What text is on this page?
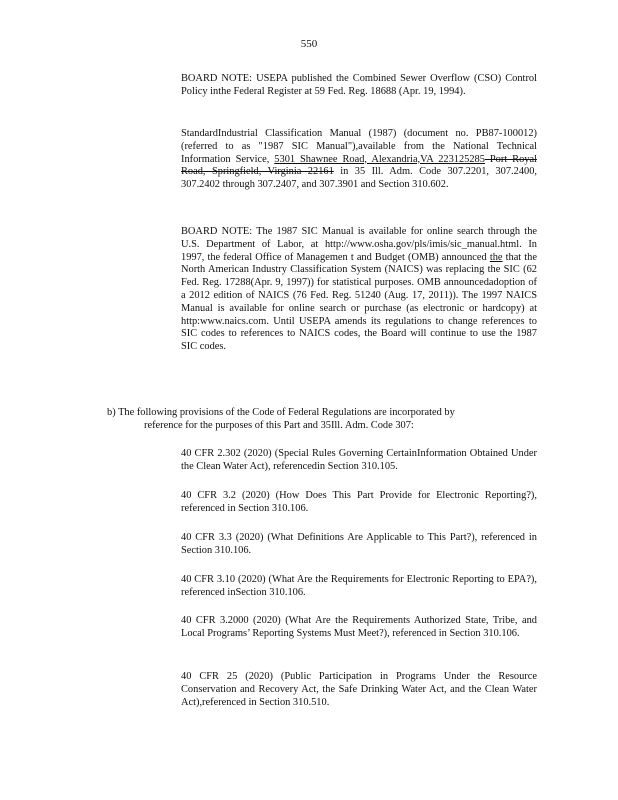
550

BOARD NOTE: USEPA published the Combined Sewer Overflow (CSO) Control Policy inthe Federal Register at 59 Fed. Reg. 18688 (Apr. 19, 1994).

StandardIndustrial Classification Manual (1987) (document no. PB87-100012) (referred to as "1987 SIC Manual"),available from the National Technical Information Service, 5301 Shawnee Road, Alexandria,VA 223125285 Port Royal Road, Springfield, Virginia 22161 in 35 Ill. Adm. Code 307.2201, 307.2400, 307.2402 through 307.2407, and 307.3901 and Section 310.602.

BOARD NOTE: The 1987 SIC Manual is available for online search through the U.S. Department of Labor, at http://www.osha.gov/pls/imis/sic_manual.html. In 1997, the federal Office of Managemen t and Budget (OMB) announced the that the North American Industry Classification System (NAICS) was replacing the SIC (62 Fed. Reg. 17288(Apr. 9, 1997)) for statistical purposes. OMB announcedadoption of a 2012 edition of NAICS (76 Fed. Reg. 51240 (Aug. 17, 2011)). The 1997 NAICS Manual is available for online search or purchase (as electronic or hardcopy) at http:www.naics.com. Until USEPA amends its regulations to change references to SIC codes to references to NAICS codes, the Board will continue to use the 1987 SIC codes.

b) The following provisions of the Code of Federal Regulations are incorporated by
reference for the purposes of this Part and 35Ill. Adm. Code 307:

40 CFR 2.302 (2020) (Special Rules Governing CertainInformation Obtained Under the Clean Water Act), referencedin Section 310.105.

40 CFR 3.2 (2020) (How Does This Part Provide for Electronic Reporting?), referenced in Section 310.106.

40 CFR 3.3 (2020) (What Definitions Are Applicable to This Part?), referenced in Section 310.106.

40 CFR 3.10 (2020) (What Are the Requirements for Electronic Reporting to EPA?), referenced inSection 310.106.

40 CFR 3.2000 (2020) (What Are the Requirements Authorized State, Tribe, and Local Programs’ Reporting Systems Must Meet?), referenced in Section 310.106.

40 CFR 25 (2020) (Public Participation in Programs Under the Resource Conservation and Recovery Act, the Safe Drinking Water Act, and the Clean Water Act),referenced in Section 310.510.
